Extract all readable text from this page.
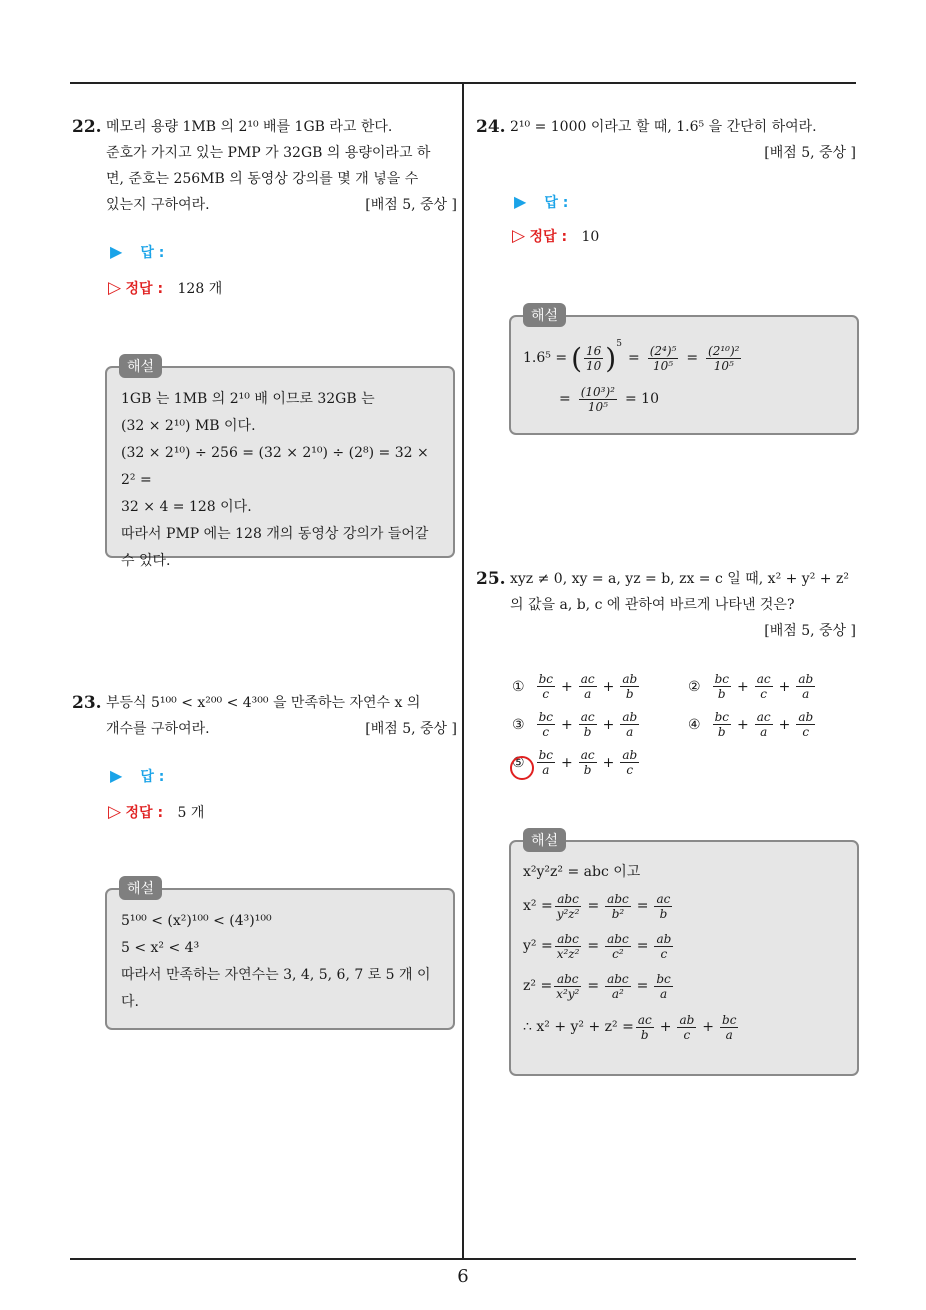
22. 메모리 용량 1MB 의 2¹⁰ 배를 1GB 라고 한다.
준호가 가지고 있는 PMP 가 32GB 의 용량이라고 하
면, 준호는 256MB 의 동영상 강의를 몇 개 넣을 수
있는지 구하여라.	[배점 5, 중상 ]
▶ 답 :
▷ 정답 : 128 개
해설
1GB 는 1MB 의 2¹⁰ 배 이므로 32GB 는
(32 × 2¹⁰) MB 이다.
(32 × 2¹⁰) ÷ 256 = (32 × 2¹⁰) ÷ (2⁸) = 32 × 2² =
32 × 4 = 128 이다.
따라서 PMP 에는 128 개의 동영상 강의가 들어갈
수 있다.
23. 부등식 5¹⁰⁰ < x²⁰⁰ < 4³⁰⁰ 을 만족하는 자연수 x 의
개수를 구하여라.	[배점 5, 중상 ]
▶ 답 :
▷ 정답 : 5 개
해설
5¹⁰⁰ < (x²)¹⁰⁰ < (4³)¹⁰⁰
5 < x² < 4³
따라서 만족하는 자연수는 3, 4, 5, 6, 7 로 5 개 이
다.
24. 2¹⁰ = 1000 이라고 할 때, 1.6⁵ 을 간단히 하여라.
[배점 5, 중상 ]
▶ 답 :
▷ 정답 : 10
해설
1.6⁵ = ( $\frac{16}{10} )^5$
= $\frac{\text{(2⁴)⁵}}{\text{10⁵}} = \frac{\text{(2¹⁰)²}}{\text{10⁵}}$
= $\frac{\text{(10³)²}}{\text{10⁵}} = 10$
25. xyz ≠ 0, xy = a, yz = b, zx = c 일 때, x² + y² + z²
의 값을 a, b, c 에 관하여 바르게 나타낸 것은?
[배점 5, 중상 ]
① $\frac{bc}{c} + \frac{ac}{a} + \frac{ab}{b}$	② $\frac{bc}{b} + \frac{ac}{c} + \frac{ab}{a}$
③ $\frac{bc}{c} + \frac{ac}{b} + \frac{ab}{a}$	④ $\frac{bc}{b} + \frac{ac}{a} + \frac{ab}{c}$
⑤ $\frac{bc}{a} + \frac{ac}{b} + \frac{ab}{c}$
해설
x²y²z² = abc 이고
$x^2 = \frac{\text{abc}}{\text{y²z²}} = \frac{\text{abc}}{\text{b²}} = \frac{ac}{b}$
$y^2 = \frac{\text{abc}}{\text{x²z²}} = \frac{\text{abc}}{\text{c²}} = \frac{ab}{c}$
$z^2 = \frac{\text{abc}}{\text{x²y²}} = \frac{\text{abc}}{\text{a²}} = \frac{bc}{a}$
∴ $x^2 + y^2 + z^2 = \frac{ac}{b} + \frac{ab}{c} + \frac{bc}{a}$
6
